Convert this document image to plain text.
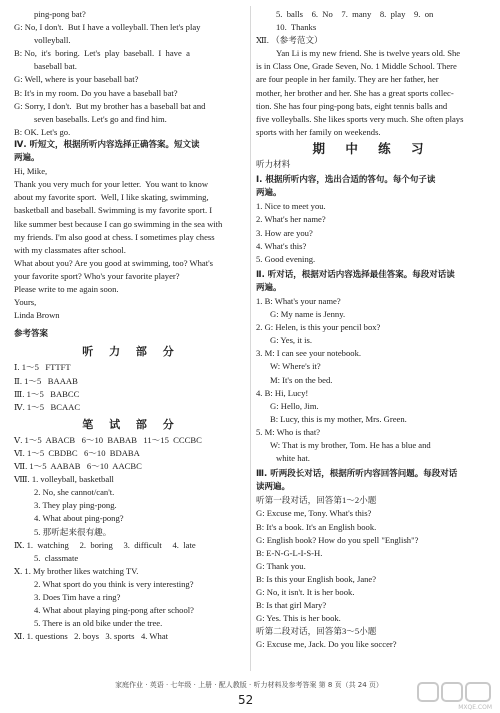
ping-pong bat?
G: No, I don't.  But I have a volleyball. Then let's play
volleyball.
B: No,  it's  boring.  Let's  play  baseball.  I  have  a
baseball bat.
G: Well, where is your baseball bat?
B: It's in my room. Do you have a baseball bat?
G: Sorry, I don't.  But my brother has a baseball bat and
seven baseballs. Let's go and find him.
B: OK. Let's go.
Ⅳ. 听短文，根据所听内容选择正确答案。短文读
两遍。
Hi, Mike,
Thank you very much for your letter.  You want to know
about my favorite sport.  Well, I like skating, swimming,
basketball and baseball. Swimming is my favorite sport. I
like summer best because I can go swimming in the sea with
my friends. I'm also good at chess. I sometimes play chess
with my classmates after school.
What about you? Are you good at swimming, too? What's
your favorite sport? Who's your favorite player?
Please write to me again soon.
Yours,
Linda Brown
参考答案
听 力 部 分
Ⅰ. 1～5   FTTFT
Ⅱ. 1～5   BAAAB
Ⅲ. 1～5   BABCC
Ⅳ. 1～5   BCAAC
笔 试 部 分
Ⅴ. 1～5  ABACB   6～10  BABAB   11～15  CCCBC
Ⅵ. 1～5  CBDBC   6～10  BDABA
Ⅶ. 1～5  AABAB   6～10  AACBC
Ⅷ. 1. volleyball, basketball
2. No, she cannot/can't.
3. They play ping-pong.
4. What about ping-pong?
5. 那听起来很有趣。
Ⅸ. 1.  watching     2.  boring     3.  difficult     4.  late
5.  classmate
Ⅹ. 1. My brother likes watching TV.
2. What sport do you think is very interesting?
3. Does Tim have a ring?
4. What about playing ping-pong after school?
5. There is an old bike under the tree.
Ⅺ. 1. questions   2. boys   3. sports   4. What
5.  balls    6.  No    7.  many    8.  play    9.  on
10.  Thanks
Ⅻ. （参考范文）
Yan Li is my new friend. She is twelve years old. She
is in Class One, Grade Seven, No. 1 Middle School. There
are four people in her family. They are her father, her
mother, her brother and her. She has a great sports collec-
tion. She has four ping-pong bats, eight tennis balls and
five volleyballs. She likes sports very much. She often plays
sports with her family on weekends.
期 中 练 习
听力材料
Ⅰ. 根据所听内容，选出合适的答句。每个句子读
两遍。
1. Nice to meet you.
2. What's her name?
3. How are you?
4. What's this?
5. Good evening.
Ⅱ. 听对话，根据对话内容选择最佳答案。每段对话读
两遍。
1. B: What's your name?
G: My name is Jenny.
2. G: Helen, is this your pencil box?
G: Yes, it is.
3. M: I can see your notebook.
W: Where's it?
M: It's on the bed.
4. B: Hi, Lucy!
G: Hello, Jim.
B: Lucy, this is my mother, Mrs. Green.
5. M: Who is that?
W: That is my brother, Tom. He has a blue and
white hat.
Ⅲ. 听两段长对话，根据所听内容回答问题。每段对话
读两遍。
听第一段对话，回答第1～2小题
G: Excuse me, Tony. What's this?
B: It's a book. It's an English book.
G: English book? How do you spell "English"?
B: E-N-G-L-I-S-H.
G: Thank you.
B: Is this your English book, Jane?
G: No, it isn't. It is her book.
B: Is that girl Mary?
G: Yes. This is her book.
听第二段对话，回答第3～5小题
G: Excuse me, Jack. Do you like soccer?
家庭作业 · 英语 · 七年级 · 上册 · 配人教版 · 听力材料及参考答案 第 8 页（共 24 页）
52
MXQE.COM
